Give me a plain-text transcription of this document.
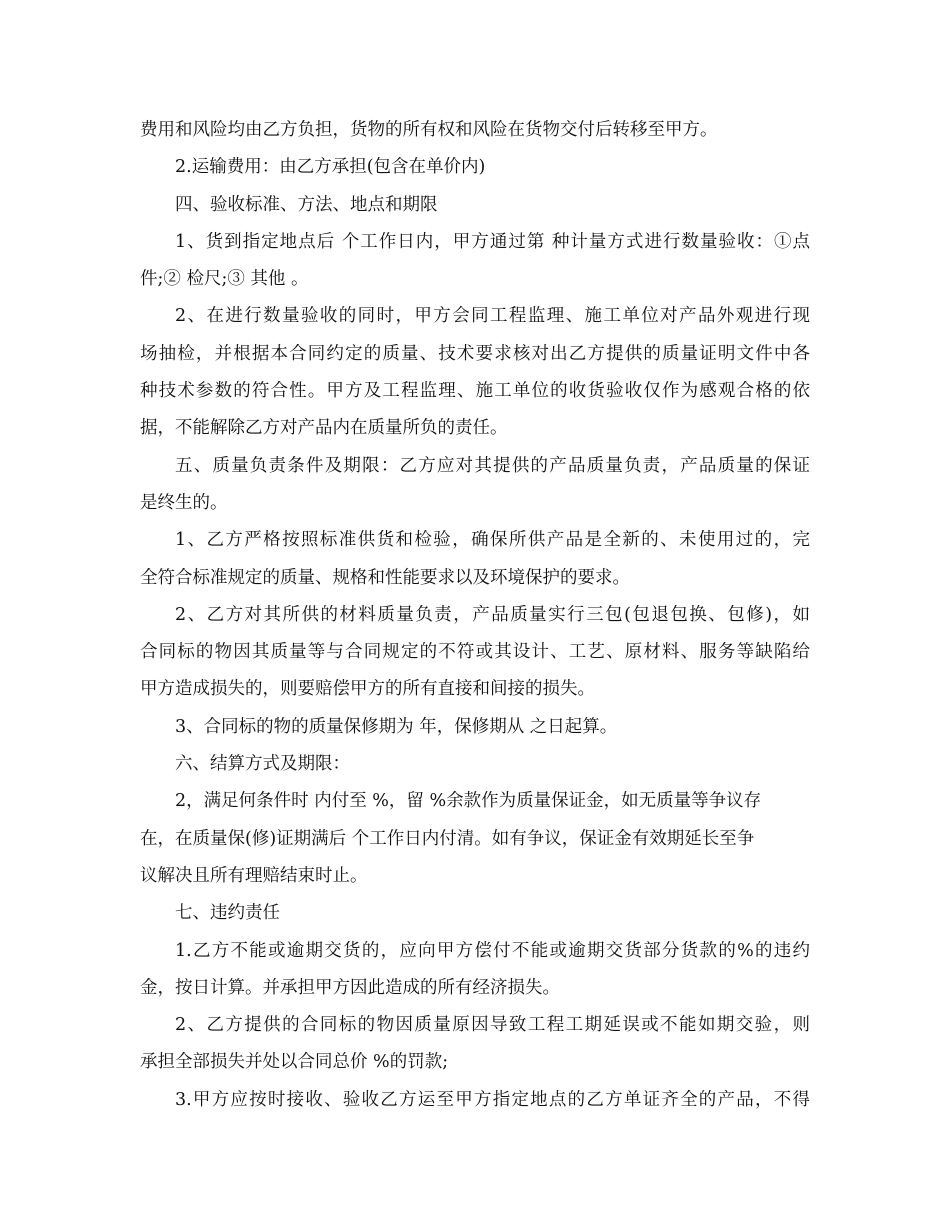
费用和风险均由乙方负担，货物的所有权和风险在货物交付后转移至甲方。
2.运输费用：由乙方承担(包含在单价内)
四、验收标准、方法、地点和期限
1、货到指定地点后 个工作日内，甲方通过第 种计量方式进行数量验收：①点
件;② 检尺;③ 其他 。
2、在进行数量验收的同时，甲方会同工程监理、施工单位对产品外观进行现
场抽检，并根据本合同约定的质量、技术要求核对出乙方提供的质量证明文件中各
种技术参数的符合性。甲方及工程监理、施工单位的收货验收仅作为感观合格的依
据，不能解除乙方对产品内在质量所负的责任。
五、质量负责条件及期限：乙方应对其提供的产品质量负责，产品质量的保证
是终生的。
1、乙方严格按照标准供货和检验，确保所供产品是全新的、未使用过的，完
全符合标准规定的质量、规格和性能要求以及环境保护的要求。
2、乙方对其所供的材料质量负责，产品质量实行三包(包退包换、包修)，如
合同标的物因其质量等与合同规定的不符或其设计、工艺、原材料、服务等缺陷给
甲方造成损失的，则要赔偿甲方的所有直接和间接的损失。
3、合同标的物的质量保修期为 年，保修期从 之日起算。
六、结算方式及期限：
2，满足何条件时 内付至 %，留 %余款作为质量保证金，如无质量等争议存
在，在质量保(修)证期满后 个工作日内付清。如有争议，保证金有效期延长至争
议解决且所有理赔结束时止。
七、违约责任
1.乙方不能或逾期交货的，应向甲方偿付不能或逾期交货部分货款的%的违约
金，按日计算。并承担甲方因此造成的所有经济损失。
2、乙方提供的合同标的物因质量原因导致工程工期延误或不能如期交验，则
承担全部损失并处以合同总价 %的罚款;
3.甲方应按时接收、验收乙方运至甲方指定地点的乙方单证齐全的产品，不得
